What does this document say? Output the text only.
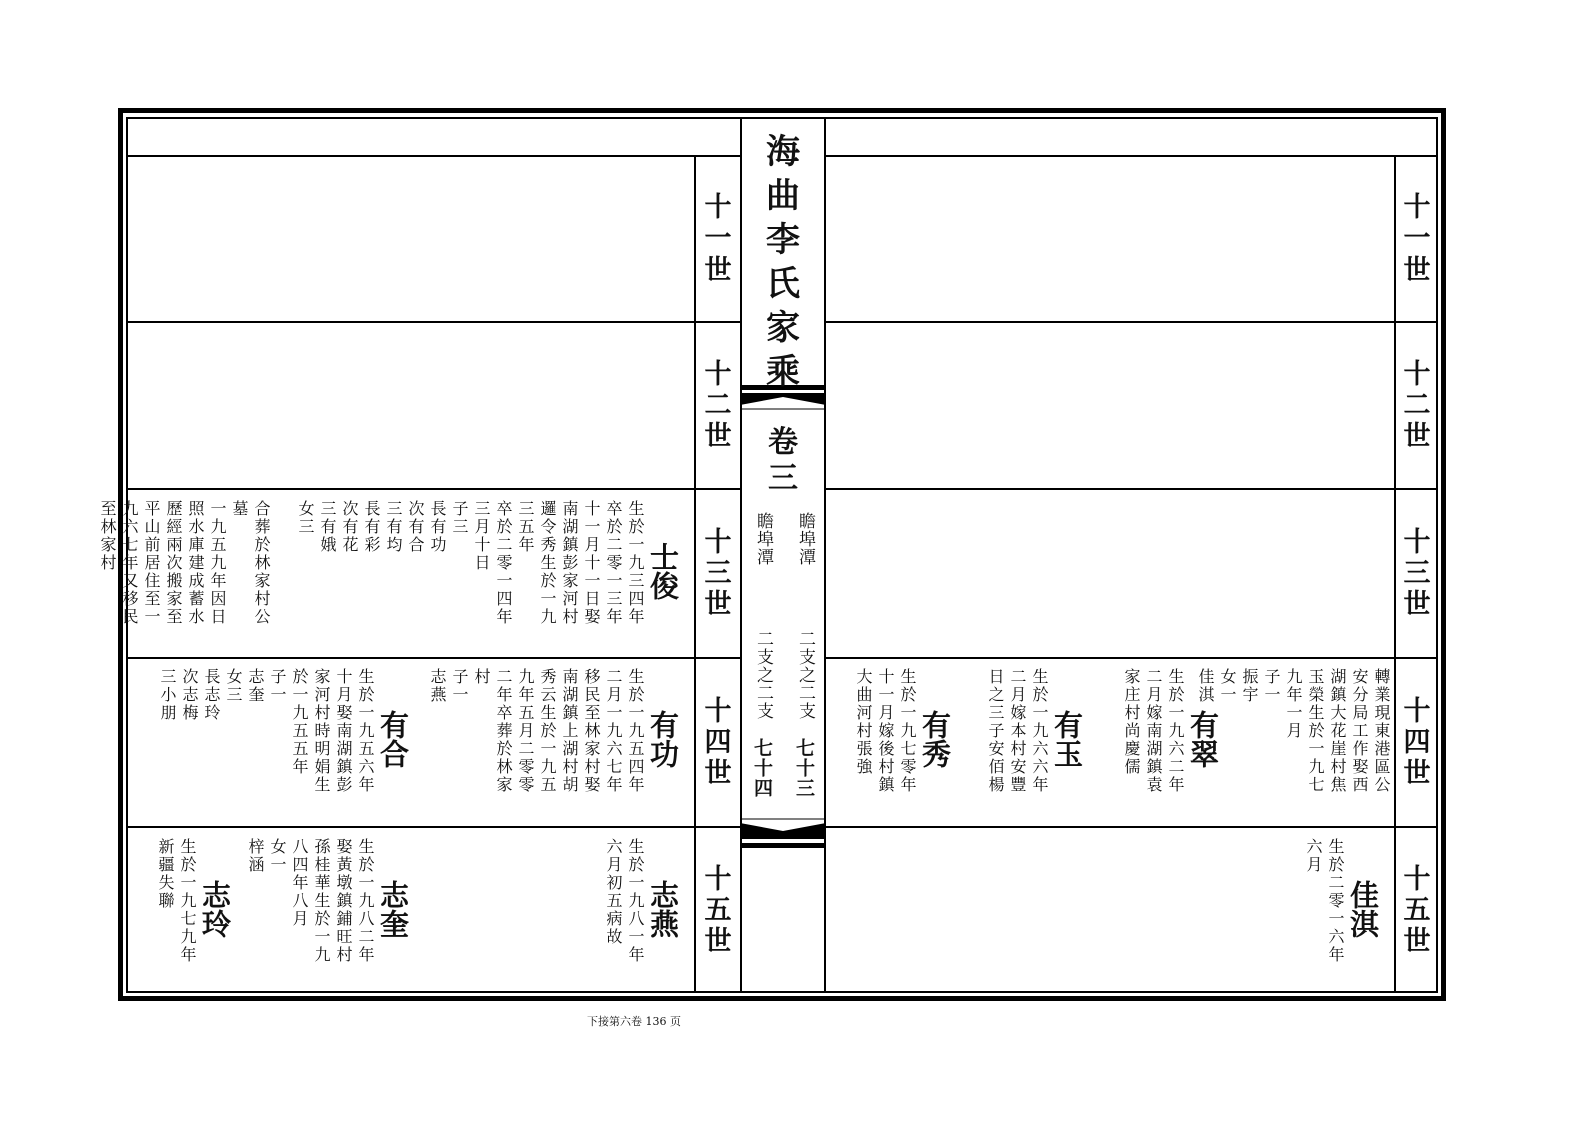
海
曲
李
氏
家
乘
卷
三
瞻埠潭
二支之二支
七十三
瞻埠潭
二支之二支
七十四
十
一
世
十
二
世
十
三
世
十
四
世
十
五
世
十
一
世
十
二
世
十
三
世
十
四
世
十
五
世
士俊
生於一九三四年
卒於二零一三年
十一月十一日娶
南湖鎮彭家河村
邏令秀生於一九
三五年
卒於二零一四年
三月十日
子三
長有功
次有合
三有均
長有彩
次有花
三有娥
女三
合葬於林家村公
墓
一九五九年因日
照水庫建成蓄水
歷經兩次搬家至
平山前居住至一
九六七年又移民
至林家村
有功
生於一九五四年
二月一九六七年
移民至林家村娶
南湖鎮上湖村胡
秀云生於一九五
九年五月二零零
二年卒葬於林家
村
子一
志燕
有合
生於一九五六年
十月娶南湖鎮彭
家河村時明娟生
於一九五五年
子一
志奎
女三
長志玲
次志梅
三小朋
志燕
生於一九八一年
六月初五病故
志奎
生於一九八二年
娶黃墩鎮鋪旺村
孫桂華生於一九
八四年八月
女一
梓涵
志玲
生於一九七九年
新疆失聯
轉業現東港區公
安分局工作娶西
湖鎮大花崖村焦
玉榮生於一九七
九年一月
子一
振宇
女一
佳淇
有翠
生於一九六二年
二月嫁南湖鎮袁
家庄村尚慶儒
有玉
生於一九六六年
二月嫁本村安豐
日之三子安佰楊
有秀
生於一九七零年
十一月嫁後村鎮
大曲河村張強
佳淇
生於二零一六年
六月
下接第六卷 136 页
